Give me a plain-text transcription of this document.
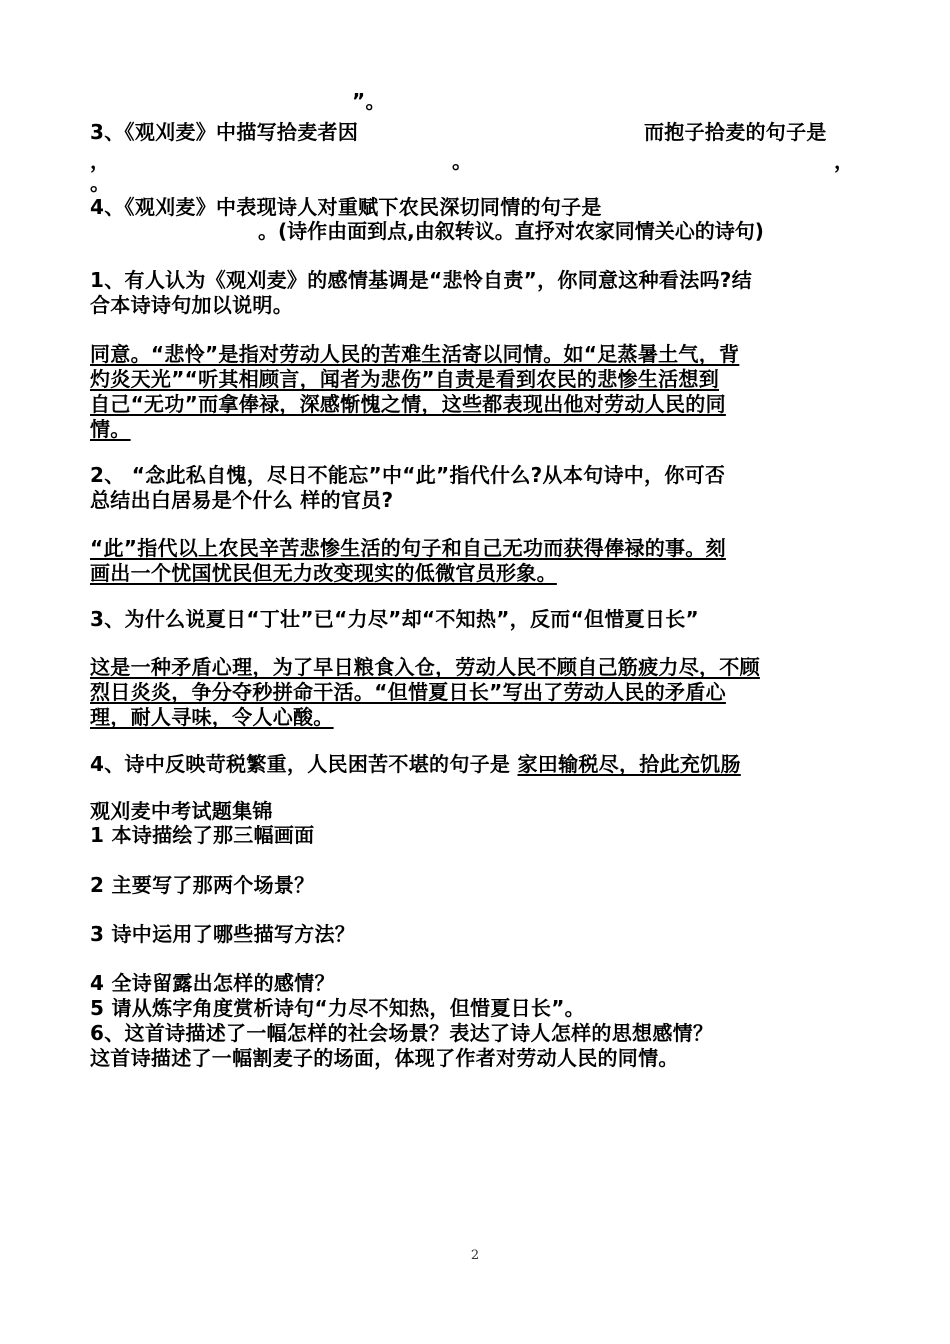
”。
3、《观刈麦》中描写拾麦者因	而抱子拾麦的句子是
，	。	，
。
4、《观刈麦》中表现诗人对重赋下农民深切同情的句子是
。(诗作由面到点,由叙转议。直抒对农家同情关心的诗句)
1、有人认为《观刈麦》的感情基调是“悲怜自责”，你同意这种看法吗?结
合本诗诗句加以说明。
同意。“悲怜”是指对劳动人民的苦难生活寄以同情。如“足蒸暑土气，背
灼炎天光”“听其相顾言，闻者为悲伤”自责是看到农民的悲惨生活想到
自己“无功”而拿俸禄，深感惭愧之情，这些都表现出他对劳动人民的同
情。
2、 “念此私自愧，尽日不能忘”中“此”指代什么?从本句诗中，你可否
总结出白居易是个什么 样的官员?
“此”指代以上农民辛苦悲惨生活的句子和自己无功而获得俸禄的事。刻
画出一个忧国忧民但无力改变现实的低微官员形象。
3、为什么说夏日“丁壮”已“力尽”却“不知热”，反而“但惜夏日长”
这是一种矛盾心理，为了早日粮食入仓，劳动人民不顾自己筋疲力尽，不顾
烈日炎炎，争分夺秒拼命干活。“但惜夏日长”写出了劳动人民的矛盾心
理，耐人寻味，令人心酸。
4、诗中反映苛税繁重，人民困苦不堪的句子是 家田输税尽，拾此充饥肠
观刈麦中考试题集锦
1 本诗描绘了那三幅画面
2 主要写了那两个场景？
3 诗中运用了哪些描写方法？
4 全诗留露出怎样的感情？
5 请从炼字角度赏析诗句“力尽不知热，但惜夏日长”。
6、这首诗描述了一幅怎样的社会场景？表达了诗人怎样的思想感情？
这首诗描述了一幅割麦子的场面，体现了作者对劳动人民的同情。
2
